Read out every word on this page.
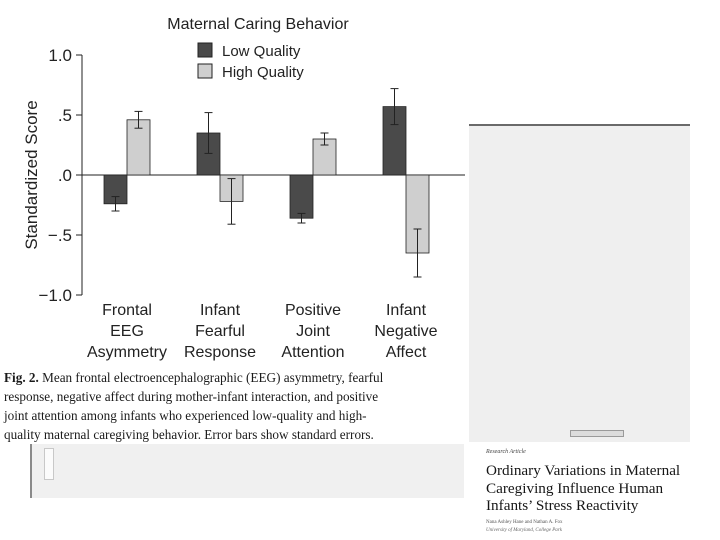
Maternal Caring Behavior
Low Quality
High Quality
Standardized Score
1.0
.5
.0
−.5
−1.0
Frontal EEG Asymmetry
Infant Fearful Response
Positive Joint Attention
Infant Negative Affect

Fig. 2. Mean frontal electroencephalographic (EEG) asymmetry, fearful
response, negative affect during mother-infant interaction, and positive
joint attention among infants who experienced low-quality and high-
quality maternal caregiving behavior. Error bars show standard errors.

Research Article
Ordinary Variations in Maternal
Caregiving Influence Human
Infants’ Stress Reactivity
Nana Ashley Hane and Nathan A. Fox
University of Maryland, College Park
